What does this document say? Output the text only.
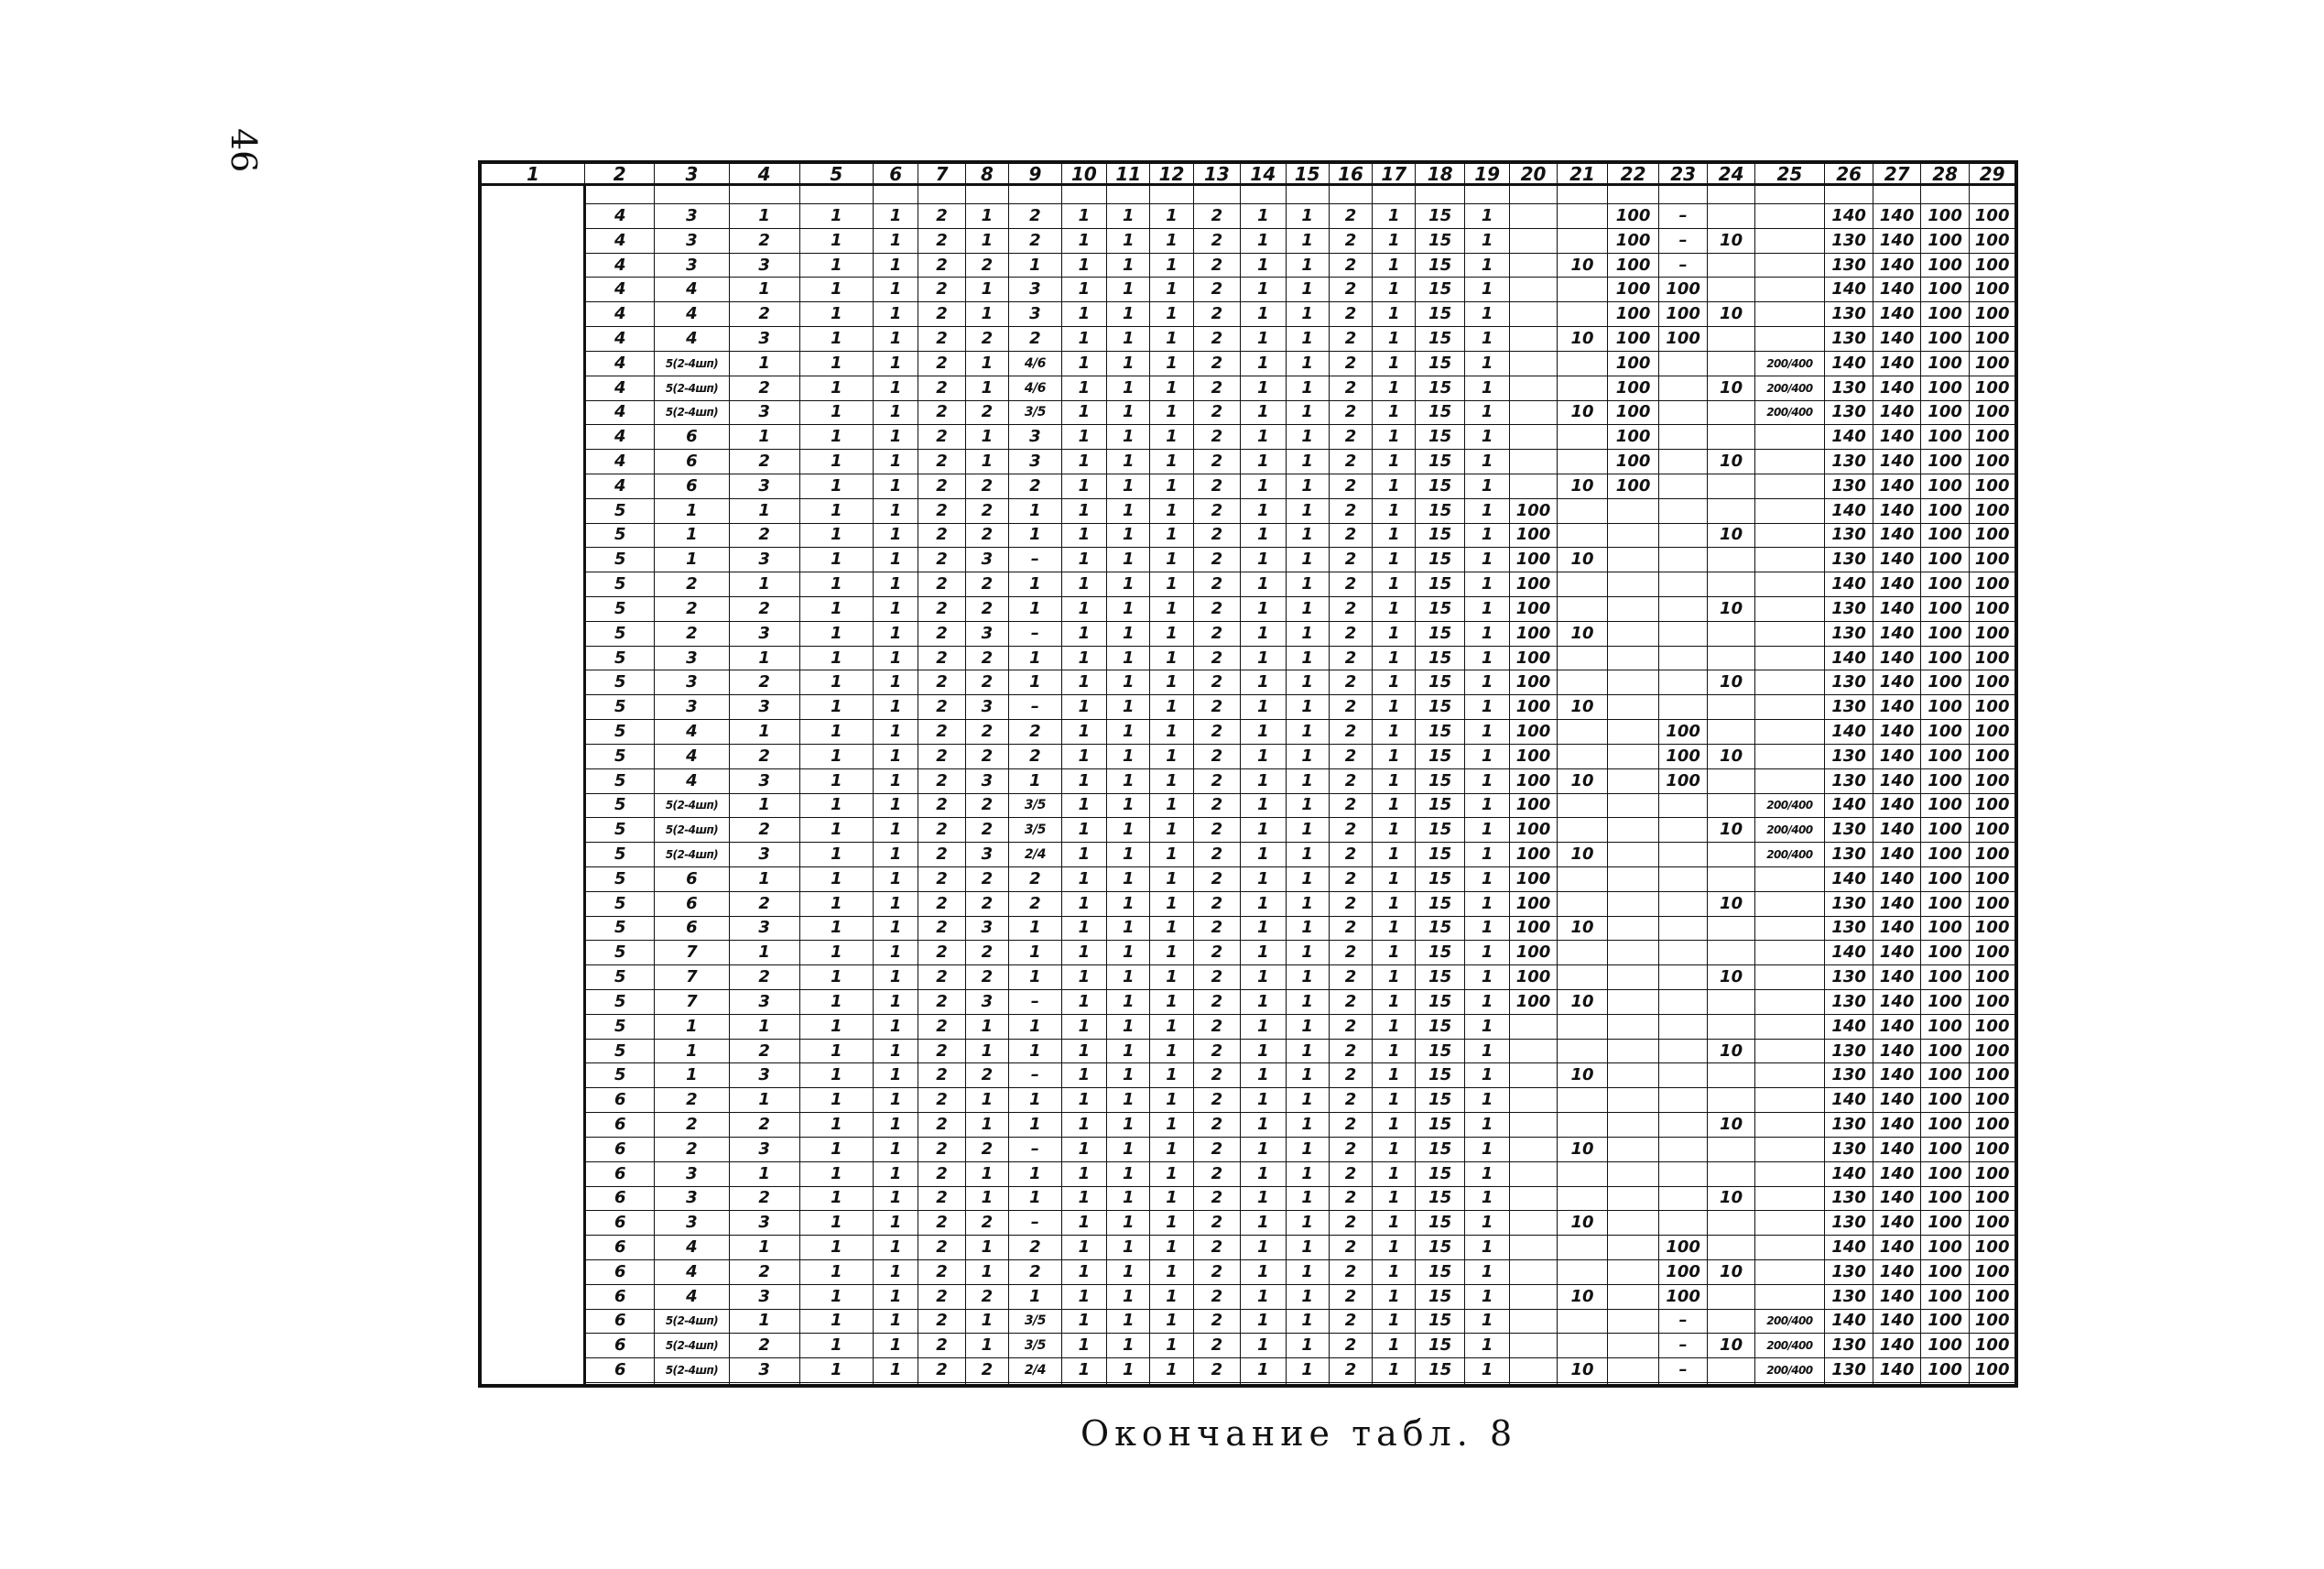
46
1	2	3	4	5	6	7	8	9	10	11	12	13	14	15	16	17	18	19	20	21	22	23	24	25	26	27	28	29

	4	3	1	1	1	2	1	2	1	1	1	2	1	1	2	1	15	1			100	–			140	140	100	100
	4	3	2	1	1	2	1	2	1	1	1	2	1	1	2	1	15	1			100	–	10		130	140	100	100
	4	3	3	1	1	2	2	1	1	1	1	2	1	1	2	1	15	1		10	100	–			130	140	100	100
	4	4	1	1	1	2	1	3	1	1	1	2	1	1	2	1	15	1			100	100			140	140	100	100
	4	4	2	1	1	2	1	3	1	1	1	2	1	1	2	1	15	1			100	100	10		130	140	100	100
	4	4	3	1	1	2	2	2	1	1	1	2	1	1	2	1	15	1		10	100	100			130	140	100	100
	4	5(2-4шп)	1	1	1	2	1	4/6	1	1	1	2	1	1	2	1	15	1			100			200/400	140	140	100	100
	4	5(2-4шп)	2	1	1	2	1	4/6	1	1	1	2	1	1	2	1	15	1			100		10	200/400	130	140	100	100
	4	5(2-4шп)	3	1	1	2	2	3/5	1	1	1	2	1	1	2	1	15	1		10	100			200/400	130	140	100	100
	4	6	1	1	1	2	1	3	1	1	1	2	1	1	2	1	15	1			100				140	140	100	100
	4	6	2	1	1	2	1	3	1	1	1	2	1	1	2	1	15	1			100		10		130	140	100	100
	4	6	3	1	1	2	2	2	1	1	1	2	1	1	2	1	15	1		10	100				130	140	100	100
	5	1	1	1	1	2	2	1	1	1	1	2	1	1	2	1	15	1	100						140	140	100	100
	5	1	2	1	1	2	2	1	1	1	1	2	1	1	2	1	15	1	100				10		130	140	100	100
	5	1	3	1	1	2	3	–	1	1	1	2	1	1	2	1	15	1	100	10					130	140	100	100
	5	2	1	1	1	2	2	1	1	1	1	2	1	1	2	1	15	1	100						140	140	100	100
	5	2	2	1	1	2	2	1	1	1	1	2	1	1	2	1	15	1	100				10		130	140	100	100
	5	2	3	1	1	2	3	–	1	1	1	2	1	1	2	1	15	1	100	10					130	140	100	100
	5	3	1	1	1	2	2	1	1	1	1	2	1	1	2	1	15	1	100						140	140	100	100
	5	3	2	1	1	2	2	1	1	1	1	2	1	1	2	1	15	1	100				10		130	140	100	100
	5	3	3	1	1	2	3	–	1	1	1	2	1	1	2	1	15	1	100	10					130	140	100	100
	5	4	1	1	1	2	2	2	1	1	1	2	1	1	2	1	15	1	100			100			140	140	100	100
	5	4	2	1	1	2	2	2	1	1	1	2	1	1	2	1	15	1	100			100	10		130	140	100	100
	5	4	3	1	1	2	3	1	1	1	1	2	1	1	2	1	15	1	100	10		100			130	140	100	100
	5	5(2-4шп)	1	1	1	2	2	3/5	1	1	1	2	1	1	2	1	15	1	100					200/400	140	140	100	100
	5	5(2-4шп)	2	1	1	2	2	3/5	1	1	1	2	1	1	2	1	15	1	100				10	200/400	130	140	100	100
	5	5(2-4шп)	3	1	1	2	3	2/4	1	1	1	2	1	1	2	1	15	1	100	10				200/400	130	140	100	100
	5	6	1	1	1	2	2	2	1	1	1	2	1	1	2	1	15	1	100						140	140	100	100
	5	6	2	1	1	2	2	2	1	1	1	2	1	1	2	1	15	1	100				10		130	140	100	100
	5	6	3	1	1	2	3	1	1	1	1	2	1	1	2	1	15	1	100	10					130	140	100	100
	5	7	1	1	1	2	2	1	1	1	1	2	1	1	2	1	15	1	100						140	140	100	100
	5	7	2	1	1	2	2	1	1	1	1	2	1	1	2	1	15	1	100				10		130	140	100	100
	5	7	3	1	1	2	3	–	1	1	1	2	1	1	2	1	15	1	100	10					130	140	100	100
	5	1	1	1	1	2	1	1	1	1	1	2	1	1	2	1	15	1							140	140	100	100
	5	1	2	1	1	2	1	1	1	1	1	2	1	1	2	1	15	1					10		130	140	100	100
	5	1	3	1	1	2	2	–	1	1	1	2	1	1	2	1	15	1		10					130	140	100	100
	6	2	1	1	1	2	1	1	1	1	1	2	1	1	2	1	15	1							140	140	100	100
	6	2	2	1	1	2	1	1	1	1	1	2	1	1	2	1	15	1					10		130	140	100	100
	6	2	3	1	1	2	2	–	1	1	1	2	1	1	2	1	15	1		10					130	140	100	100
	6	3	1	1	1	2	1	1	1	1	1	2	1	1	2	1	15	1							140	140	100	100
	6	3	2	1	1	2	1	1	1	1	1	2	1	1	2	1	15	1					10		130	140	100	100
	6	3	3	1	1	2	2	–	1	1	1	2	1	1	2	1	15	1		10					130	140	100	100
	6	4	1	1	1	2	1	2	1	1	1	2	1	1	2	1	15	1				100			140	140	100	100
	6	4	2	1	1	2	1	2	1	1	1	2	1	1	2	1	15	1				100	10		130	140	100	100
	6	4	3	1	1	2	2	1	1	1	1	2	1	1	2	1	15	1		10		100			130	140	100	100
	6	5(2-4шп)	1	1	1	2	1	3/5	1	1	1	2	1	1	2	1	15	1				–		200/400	140	140	100	100
	6	5(2-4шп)	2	1	1	2	1	3/5	1	1	1	2	1	1	2	1	15	1				–	10	200/400	130	140	100	100
	6	5(2-4шп)	3	1	1	2	2	2/4	1	1	1	2	1	1	2	1	15	1		10		–		200/400	130	140	100	100

Окончание табл. 8
